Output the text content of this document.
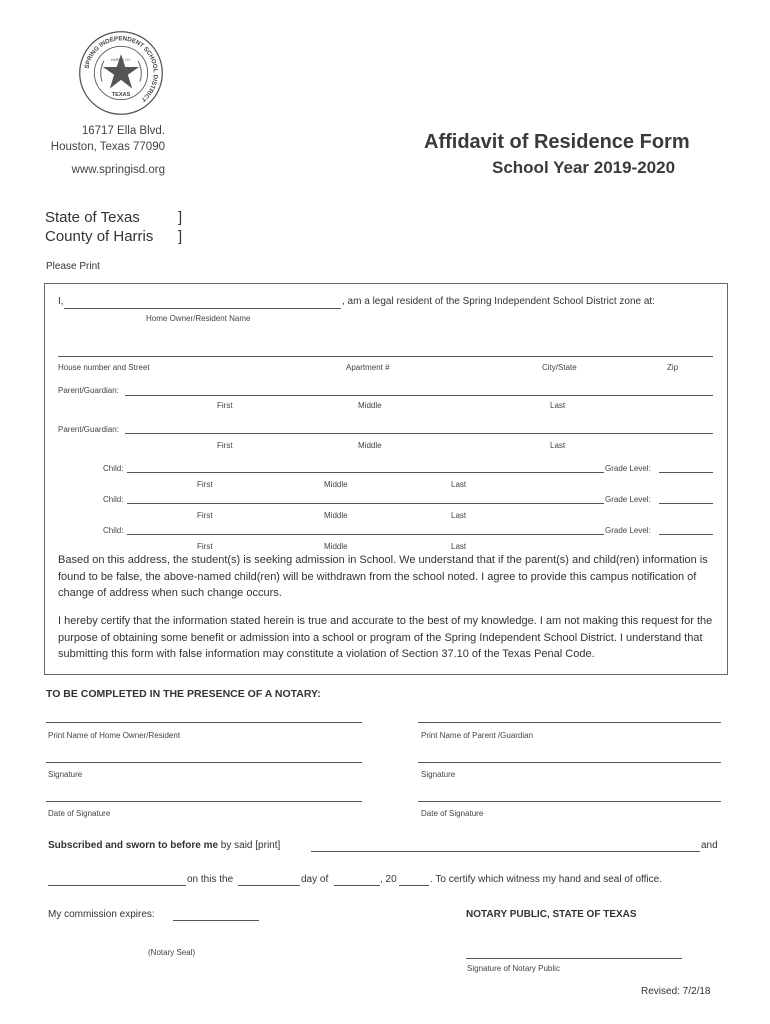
SPRING INDEPENDENT SCHOOL DISTRICT
HARRIS CO.
TEXAS
16717 Ella Blvd.
Houston, Texas 77090
www.springisd.org
Affidavit of Residence Form
School Year 2019-2020
State of Texas	]
County of Harris ]
Please Print
I,	, am a legal resident of the Spring Independent School District zone at:
Home Owner/Resident Name
House number and Street	Apartment #	City/State	Zip
Parent/Guardian:
First	Middle	Last
Parent/Guardian:
First	Middle	Last
Child:	Grade Level:
First	Middle	Last
Child:	Grade Level:
First	Middle	Last
Child:	Grade Level:
First	Middle	Last
Based on this address, the student(s) is seeking admission in School. We understand that if the parent(s) and child(ren) information is found to be false, the above-named child(ren) will be withdrawn from the school noted. I agree to provide this campus notification of change of address when such change occurs.
I hereby certify that the information stated herein is true and accurate to the best of my knowledge. I am not making this request for the purpose of obtaining some benefit or admission into a school or program of the Spring Independent School District. I understand that submitting this form with false information may constitute a violation of Section 37.10 of the Texas Penal Code.
TO BE COMPLETED IN THE PRESENCE OF A NOTARY:
Print Name of Home Owner/Resident	Print Name of Parent /Guardian
Signature	Signature
Date of Signature	Date of Signature
Subscribed and sworn to before me by said [print]	and
on this the	day of	, 20	. To certify which witness my hand and seal of office.
My commission expires:	NOTARY PUBLIC, STATE OF TEXAS
(Notary Seal)
Signature of Notary Public
Revised: 7/2/18
